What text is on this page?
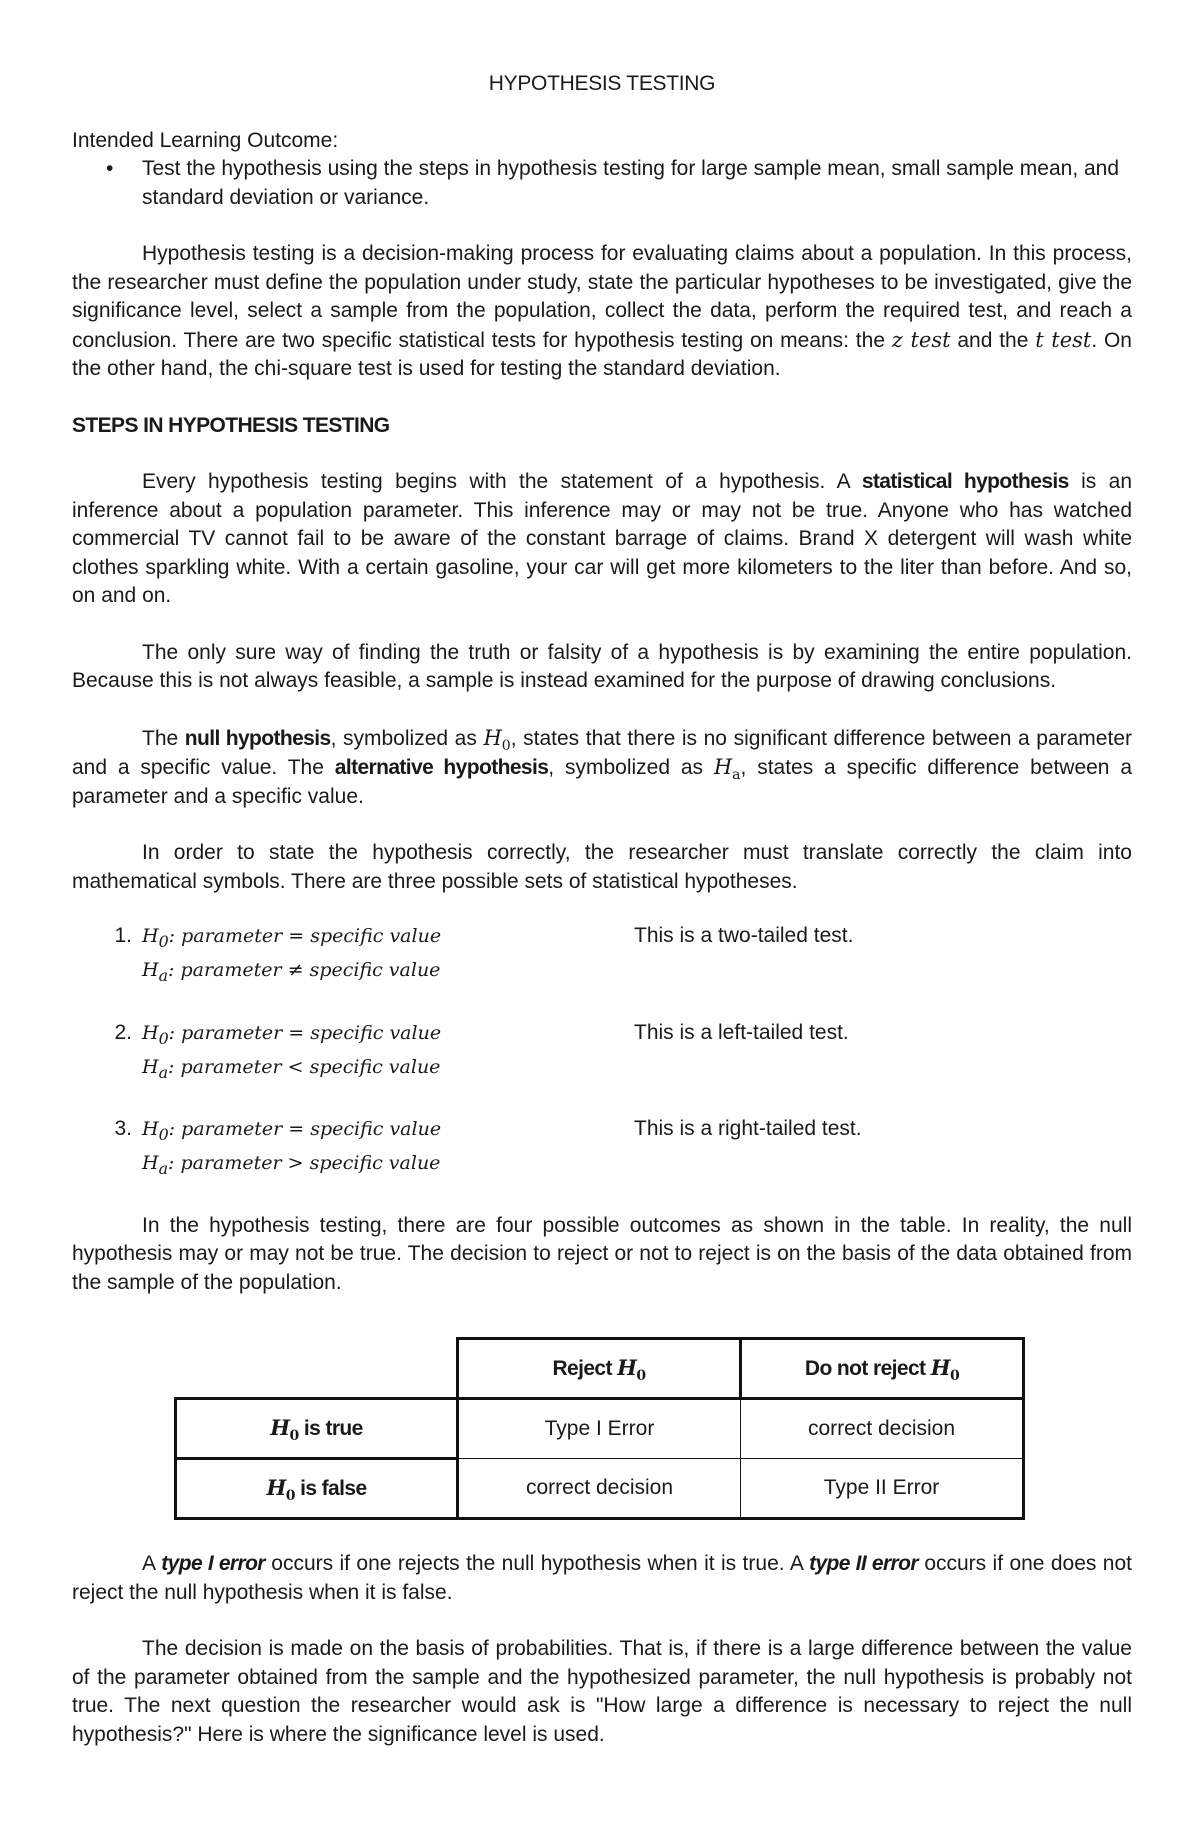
HYPOTHESIS TESTING

Intended Learning Outcome:

• Test the hypothesis using the steps in hypothesis testing for large sample mean, small sample mean, and standard deviation or variance.

Hypothesis testing is a decision-making process for evaluating claims about a population. In this process, the researcher must define the population under study, state the particular hypotheses to be investigated, give the significance level, select a sample from the population, collect the data, perform the required test, and reach a conclusion. There are two specific statistical tests for hypothesis testing on means: the z test and the t test. On the other hand, the chi-square test is used for testing the standard deviation.

STEPS IN HYPOTHESIS TESTING

Every hypothesis testing begins with the statement of a hypothesis. A statistical hypothesis is an inference about a population parameter. This inference may or may not be true. Anyone who has watched commercial TV cannot fail to be aware of the constant barrage of claims. Brand X detergent will wash white clothes sparkling white. With a certain gasoline, your car will get more kilometers to the liter than before. And so, on and on.

The only sure way of finding the truth or falsity of a hypothesis is by examining the entire population. Because this is not always feasible, a sample is instead examined for the purpose of drawing conclusions.

The null hypothesis, symbolized as $H_0$, states that there is no significant difference between a parameter and a specific value. The alternative hypothesis, symbolized as $H_a$, states a specific difference between a parameter and a specific value.

In order to state the hypothesis correctly, the researcher must translate correctly the claim into mathematical symbols. There are three possible sets of statistical hypotheses.

1. $H_0$: parameter = specific value
$H_a$: parameter ≠ specific value
This is a two-tailed test.
2. $H_0$: parameter = specific value
$H_a$: parameter < specific value
This is a left-tailed test.
3. $H_0$: parameter = specific value
$H_a$: parameter > specific value
This is a right-tailed test.

In the hypothesis testing, there are four possible outcomes as shown in the table. In reality, the null hypothesis may or may not be true. The decision to reject or not to reject is on the basis of the data obtained from the sample of the population.

	Reject $H_0$	Do not reject $H_0$
$H_0$ is true	Type I Error	correct decision
$H_0$ is false	correct decision	Type II Error

A type I error occurs if one rejects the null hypothesis when it is true. A type II error occurs if one does not reject the null hypothesis when it is false.

The decision is made on the basis of probabilities. That is, if there is a large difference between the value of the parameter obtained from the sample and the hypothesized parameter, the null hypothesis is probably not true. The next question the researcher would ask is "How large a difference is necessary to reject the null hypothesis?" Here is where the significance level is used.
